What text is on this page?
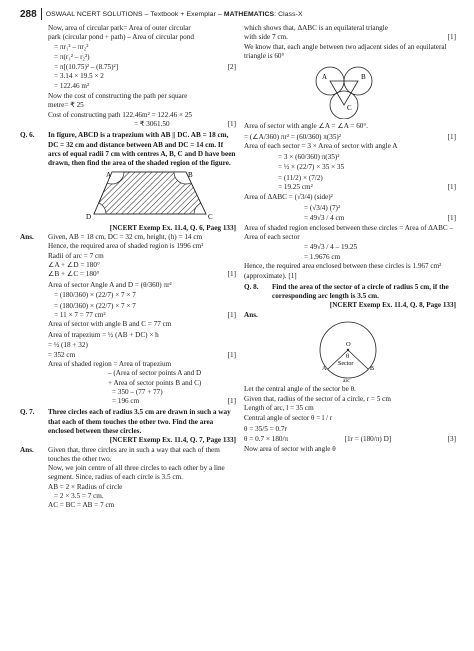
288 OSWAAL NCERT SOLUTIONS – Textbook + Exemplar – MATHEMATICS: Class-X
Now, area of circular park= Area of outer circular
park (circular pond + path) – Area of circular pond
= πr₁² – πr₂²
= π(r₁² – r₂²)
= π[(10.75)² – (8.75)²]	[2]
= 3.14 × 19.5 × 2
= 122.46 m²
Now the cost of constructing the path per square
metre= ₹ 25
Cost of constructing path 122.46m² = 122.46 × 25
= ₹ 3061.50	[1]
Q. 6.	In figure, ABCD is a trapezium with AB || DC. AB = 18 cm, DC = 32 cm and distance between AB and DC = 14 cm. If arcs of equal radii 7 cm with centres A, B, C and D have been drawn, then find the area of the shaded region of the figure.
A	B
D	C
[NCERT Exemp Ex. 11.4, Q. 6, Paeg 133]
Ans.	Given, AB = 18 cm, DC = 32 cm, height, (h) = 14 cm
Hence, the required area of shaded region is 1996 cm²
Radii of arc = 7 cm
∠A + ∠D = 180°
∠B + ∠C = 180°	[1]
Area of sector Angle A and D = (θ/360) πr²
= (180/360) × (22/7) × 7 × 7
= (180/360) × (22/7) × 7 × 7
= 11 × 7 = 77 cm²	[1]
Area of sector with angle B and C = 77 cm
Area of trapezium = ½ (AB + DC) × h
= ½ (18 + 32)
= 352 cm	[1]
Area of shaded region = Area of trapezium
– (Area of sector points A and D
+ Area of sector points B and C)
= 350 – (77 + 77)
= 196 cm	[1]
Q. 7.	Three circles each of radius 3.5 cm are drawn in such a way that each of them touches the other two. Find the area enclosed between these circles.
[NCERT Exemp Ex. 11.4, Q. 7, Page 133]
Ans.	Given that, three circles are in such a way that each of them touches the other two.
Now, we join centre of all three circles to each other by a line segment. Since, radius of each circle is 3.5 cm.
AB = 2 × Radius of circle
= 2 × 3.5 = 7 cm.
AC = BC = AB = 7 cm
which shows that, ΔABC is an equilateral triangle
with side 7 cm.	[1]
We know that, each angle between two adjacent sides of an equilateral triangle is 60°
A	B
C
Area of sector with angle ∠A = ∠A = 60°.
= (∠A/360) πr² = (60/360) π(35)²	[1]
Area of each sector = 3 × Area of sector with angle A
= 3 × (60/360) π(35)²
= ½ × (22/7) × 35 × 35
= (11/2) × (7/2)
= 19.25 cm²	[1]
Area of ΔABC = (√3/4) (side)²
= (√3/4) (7)²
= 49√3 / 4 cm	[1]
Area of shaded region enclosed between these circles = Area of ΔABC – Area of each sector
= 49√3 / 4 – 19.25
= 1.9676 cm
Hence, the required area enclosed between these circles is 1.967 cm² (approximate). [1]
Q. 8.	Find the area of the sector of a circle of radius 5 cm, if the corresponding arc length is 3.5 cm.
[NCERT Exemp Ex. 11.4, Q. 8, Page 133]
Ans.
O
θ
A	B
Sector
arc
Let the central angle of the sector be θ.
Given that, radius of the sector of a circle, r = 5 cm
Length of arc, l = 35 cm
Central angle of sector θ = l / r
θ = 35/5 = 0.7r
θ = 0.7 × 180/π	[1r = (180/π) D]	[3]
Now area of sector with angle θ
